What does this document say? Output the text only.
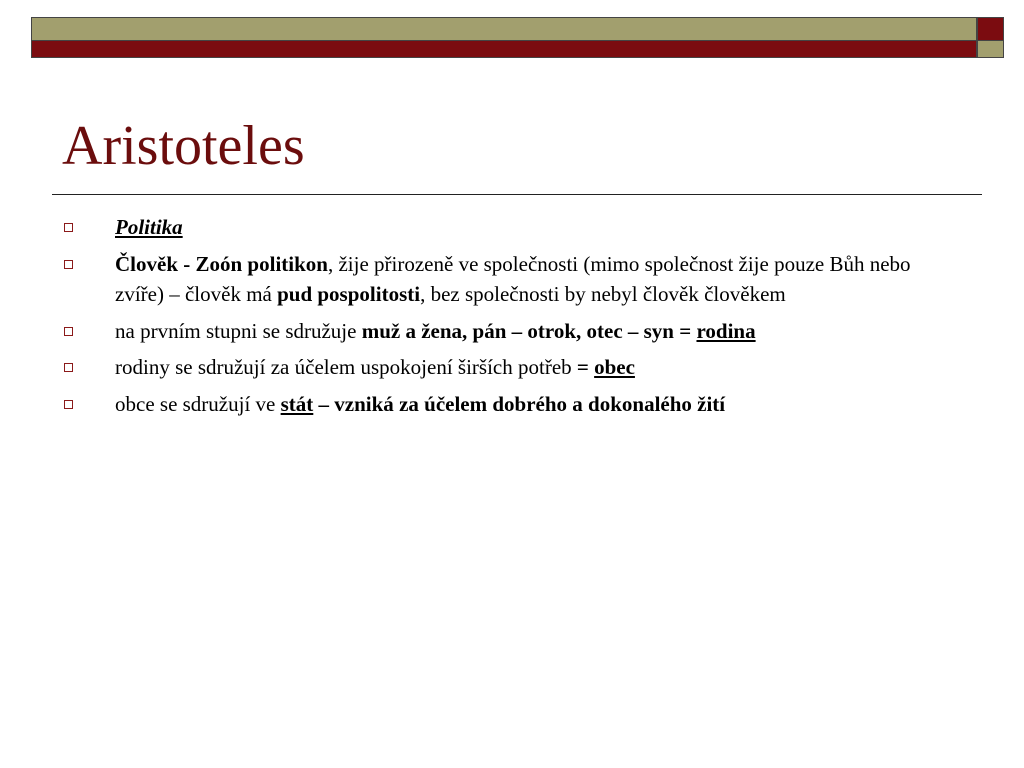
Aristoteles
Politika
Člověk - Zoón politikon, žije přirozeně ve společnosti (mimo společnost žije pouze Bůh nebo zvíře) – člověk má pud pospolitosti, bez společnosti by nebyl člověk člověkem
na prvním stupni se sdružuje muž a žena, pán – otrok, otec – syn = rodina
rodiny se sdružují za účelem uspokojení širších potřeb = obec
obce se sdružují ve stát – vzniká za účelem dobrého a dokonalého žití
